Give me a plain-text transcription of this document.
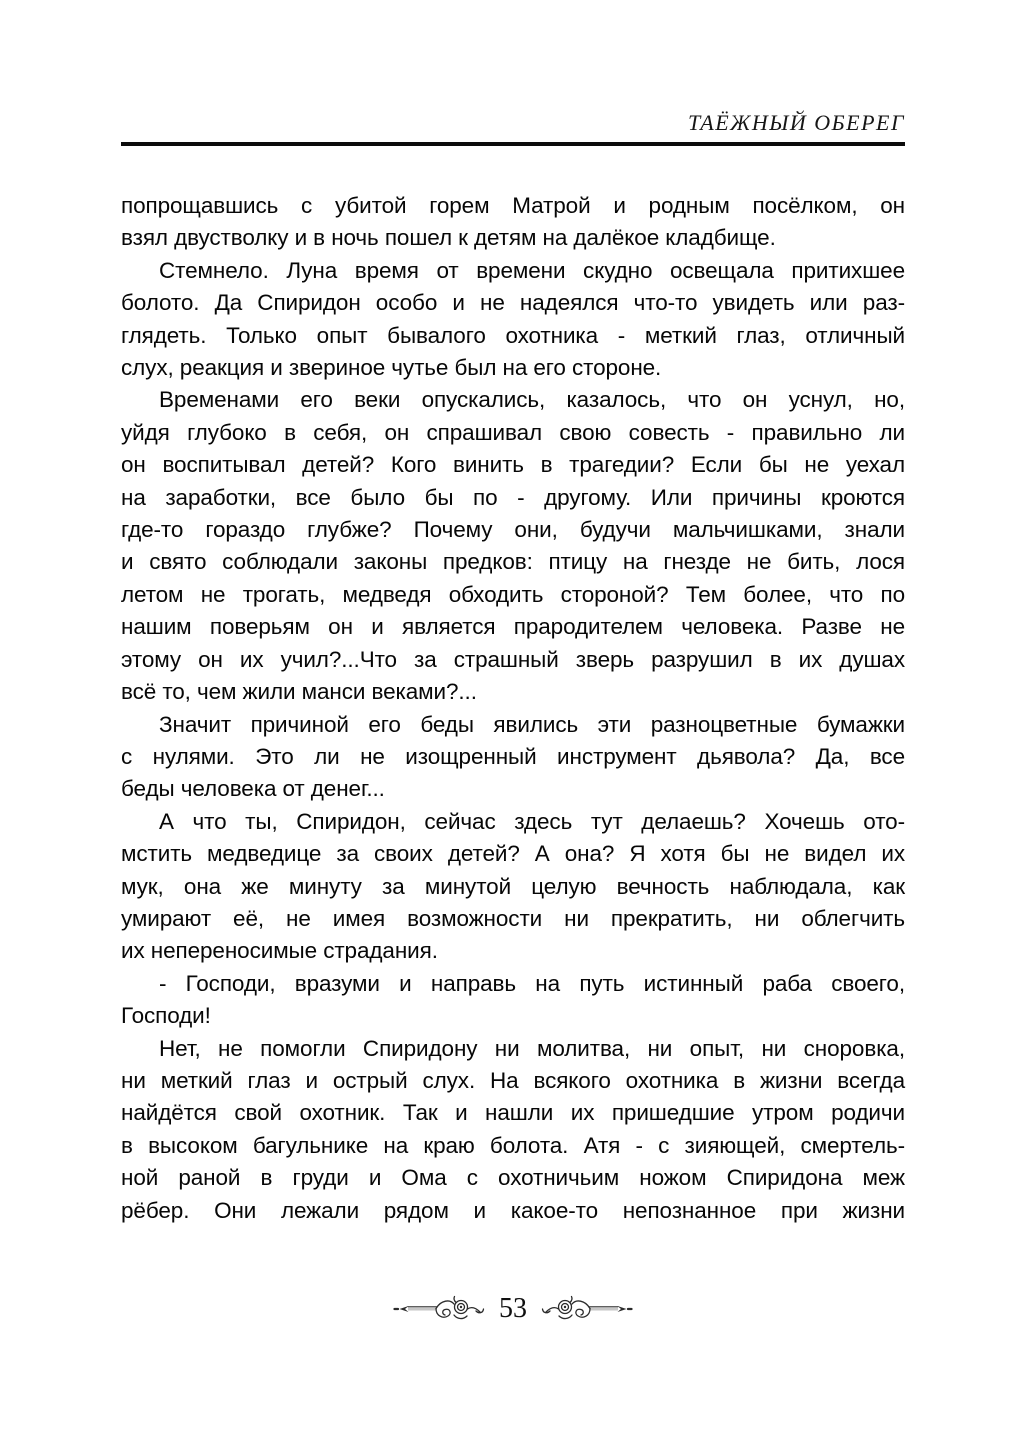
ТАЁЖНЫЙ ОБЕРЕГ
попрощавшись с убитой горем Матрой и родным посёлком, он
взял двустволку и в ночь пошел к детям на далёкое кладбище.
Стемнело. Луна время от времени скудно освещала притихшее
болото. Да Спиридон особо и не надеялся что-то увидеть или раз-
глядеть. Только опыт бывалого охотника - меткий глаз, отличный
слух, реакция и звериное чутье был на его стороне.
Временами его веки опускались, казалось, что он уснул, но,
уйдя глубоко в себя, он спрашивал свою совесть - правильно ли
он воспитывал детей? Кого винить в трагедии? Если бы не уехал
на заработки, все было бы по - другому. Или причины кроются
где-то гораздо глубже? Почему они, будучи мальчишками, знали
и свято соблюдали законы предков: птицу на гнезде не бить, лося
летом не трогать, медведя обходить стороной? Тем более, что по
нашим поверьям он и является прародителем человека. Разве не
этому он их учил?...Что за страшный зверь разрушил в их душах
всё то, чем жили манси веками?...
Значит причиной его беды явились эти разноцветные бумажки
с нулями. Это ли не изощренный инструмент дьявола? Да, все
беды человека от денег...
А что ты, Спиридон, сейчас здесь тут делаешь? Хочешь ото-
мстить медведице за своих детей? А она? Я хотя бы не видел их
мук, она же минуту за минутой целую вечность наблюдала, как
умирают её, не имея возможности ни прекратить, ни облегчить
их непереносимые страдания.
- Господи, вразуми и направь на путь истинный раба своего,
Господи!
Нет, не помогли Спиридону ни молитва, ни опыт, ни сноровка,
ни меткий глаз и острый слух. На всякого охотника в жизни всегда
найдётся свой охотник. Так и нашли их пришедшие утром родичи
в высоком багульнике на краю болота. Атя - с зияющей, смертель-
ной раной в груди и Ома с охотничьим ножом Спиридона меж
рёбер. Они лежали рядом и какое-то непознанное при жизни
53
